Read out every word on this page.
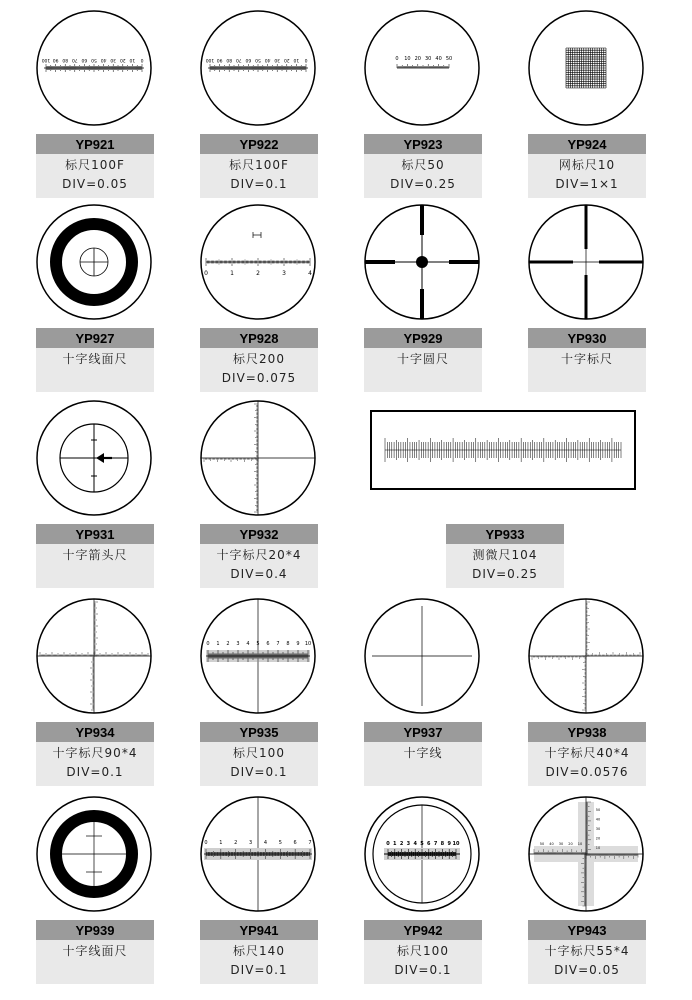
100 90 80 70 60 50 40 30 20 10 0
YP921
标尺100F
DIV=0.05
100 90 80 70 60 50 40 30 20 10 0
YP922
标尺100F
DIV=0.1
0 10 20 30 40 50
YP923
标尺50
DIV=0.25
YP924
网标尺10
DIV=1×1
YP927
十字线面尺
0	1	2	3	4
YP928
标尺200
DIV=0.075
YP929
十字圆尺
YP930
十字标尺
YP931
十字箭头尺
YP932
十字标尺20*4
DIV=0.4
YP933
测微尺104
DIV=0.25
YP934
十字标尺90*4
DIV=0.1
0 1 2 3 4 5 6 7 8 9 10
YP935
标尺100
DIV=0.1
YP937
十字线
YP938
十字标尺40*4
DIV=0.0576
YP939
十字线面尺
0 1 2 3 4 5 6 7
YP941
标尺140
DIV=0.1
0 1 2 3 4 5 6 7 8 9 10
YP942
标尺100
DIV=0.1
50
50
40
40
30
30
20
20
10
10
YP943
十字标尺55*4
DIV=0.05
